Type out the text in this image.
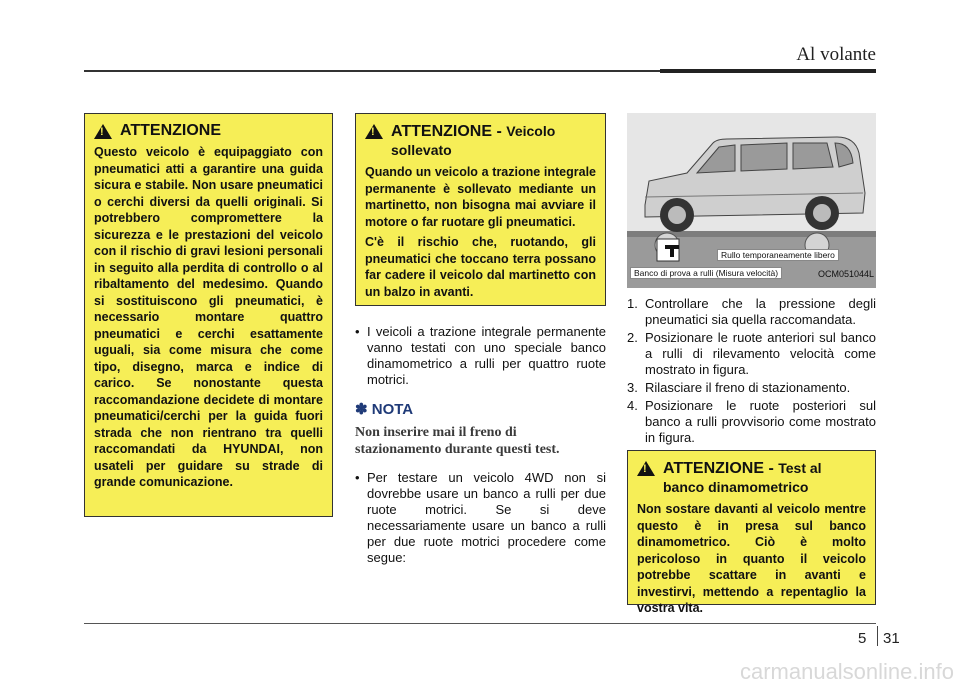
Al volante
!
ATTENZIONE
Questo veicolo è equipaggiato con pneumatici atti a garantire una guida sicura e stabile. Non usare pneumatici o cerchi diversi da quelli originali. Si potrebbero compromettere la sicurezza e le prestazioni del veicolo con il rischio di gravi lesioni personali in seguito alla perdita di controllo o al ribaltamento del medesimo. Quando si sostituiscono gli pneumatici, è necessario montare quattro pneumatici e cerchi esattamente uguali, sia come misura che come tipo, disegno, marca e indice di carico. Se nonostante questa raccomandazione decidete di montare pneumatici/cerchi per la guida fuori strada che non rientrano tra quelli raccomandati da HYUNDAI, non usateli per guidare su strade di grande comunicazione.
!
ATTENZIONE - Veicolo sollevato

Quando un veicolo a trazione integrale permanente è sollevato mediante un martinetto, non bisogna mai avviare il motore o far ruotare gli pneumatici.

C'è il rischio che, ruotando, gli pneumatici che toccano terra possano far cadere il veicolo dal martinetto con un balzo in avanti.

• I veicoli a trazione integrale permanente vanno testati con uno speciale banco dinamometrico a rulli per quattro ruote motrici.
✽ NOTA
Non inserire mai il freno di stazionamento durante questi test.
• Per testare un veicolo 4WD non si dovrebbe usare un banco a rulli per due ruote motrici. Se si deve necessariamente usare un banco a rulli per due ruote motrici procedere come segue:
Rullo temporaneamente libero
Banco di prova a rulli (Misura velocità)	OCM051044L
1. Controllare che la pressione degli pneumatici sia quella raccomandata.
2. Posizionare le ruote anteriori sul banco a rulli di rilevamento velocità come mostrato in figura.
3. Rilasciare il freno di stazionamento.
4. Posizionare le ruote posteriori sul banco a rulli provvisorio come mostrato in figura.
!
ATTENZIONE - Test al banco dinamometrico
Non sostare davanti al veicolo mentre questo è in presa sul banco dinamometrico. Ciò è molto pericoloso in quanto il veicolo potrebbe scattare in avanti e investirvi, mettendo a repentaglio la vostra vita.
5 31
carmanualsonline.info
